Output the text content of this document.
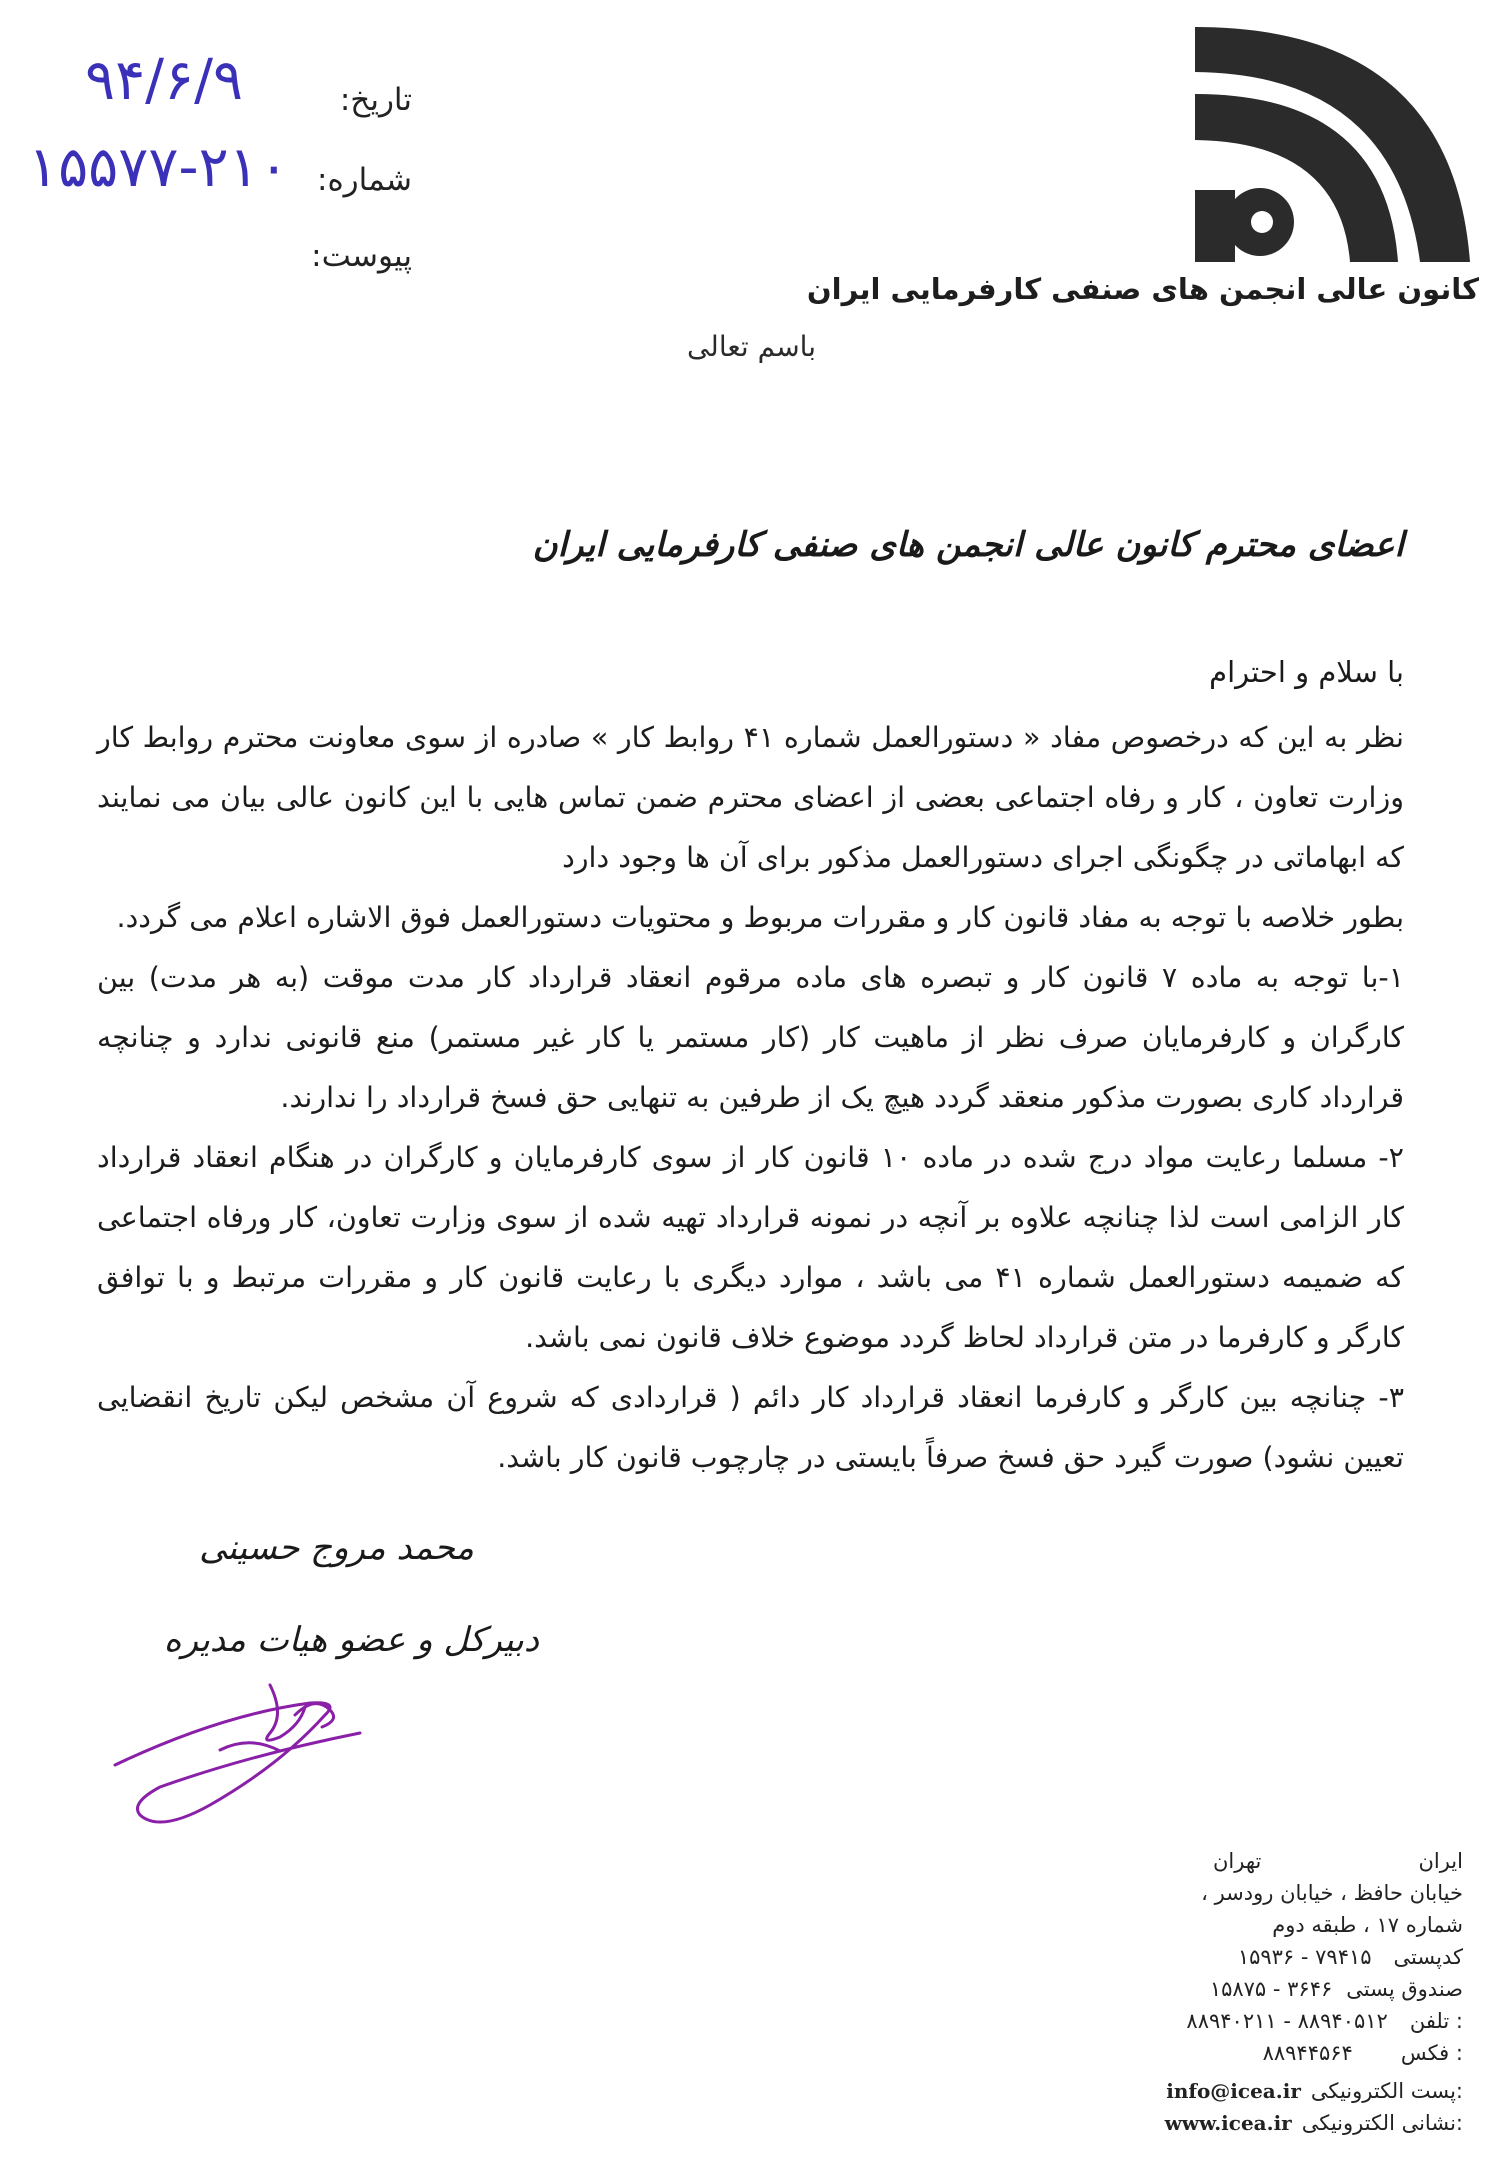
کانون عالی انجمن های صنفی کارفرمایی ایران
تاریخ:
۹۴/۶/۹
شماره:
۱۵۵۷۷-۲۱۰
پیوست:
باسم تعالی
اعضای محترم کانون عالی انجمن های صنفی کارفرمایی ایران
با سلام و احترام

نظر به این که درخصوص مفاد « دستورالعمل شماره ۴۱ روابط کار » صادره از سوی معاونت محترم روابط کار وزارت تعاون ، کار و رفاه اجتماعی بعضی از اعضای محترم ضمن تماس هایی با این کانون عالی بیان می نمایند که ابهاماتی در چگونگی اجرای دستورالعمل مذکور برای آن ها وجود دارد

بطور خلاصه با توجه به مفاد قانون کار و مقررات مربوط و محتویات دستورالعمل فوق الاشاره اعلام می گردد.

۱-با توجه به ماده ۷ قانون کار و تبصره های ماده مرقوم انعقاد قرارداد کار مدت موقت (به هر مدت) بین کارگران و کارفرمایان صرف نظر از ماهیت کار (کار مستمر یا کار غیر مستمر) منع قانونی ندارد و چنانچه قرارداد کاری بصورت مذکور منعقد گردد هیچ یک از طرفین به تنهایی حق فسخ قرارداد را ندارند.

۲- مسلما رعایت مواد درج شده در ماده ۱۰ قانون کار از سوی کارفرمایان و کارگران در هنگام انعقاد قرارداد کار الزامی است لذا چنانچه علاوه بر آنچه در نمونه قرارداد تهیه شده از سوی وزارت تعاون، کار ورفاه اجتماعی که ضمیمه دستورالعمل شماره ۴۱ می باشد ، موارد دیگری با رعایت قانون کار و مقررات مرتبط و با توافق کارگر و کارفرما در متن قرارداد لحاظ گردد موضوع خلاف قانون نمی باشد.

۳- چنانچه بین کارگر و کارفرما انعقاد قرارداد کار دائم ( قراردادی که شروع آن مشخص لیکن تاریخ انقضایی تعیین نشود) صورت گیرد حق فسخ صرفاً بایستی در چارچوب قانون کار باشد.

محمد مروج حسینی
دبیرکل و عضو هیات مدیره
ایران
تهران
خیابان حافظ ، خیابان رودسر ،
شماره ۱۷ ، طبقه دوم
کدپستی
۱۵۹۳۶ - ۷۹۴۱۵
صندوق پستی
۱۵۸۷۵ - ۳۶۴۶
تلفن :
۸۸۹۴۰۲۱۱ - ۸۸۹۴۰۵۱۲
فکس :
۸۸۹۴۴۵۶۴
پست الکترونیکی:
info@icea.ir
نشانی الکترونیکی:
www.icea.ir
